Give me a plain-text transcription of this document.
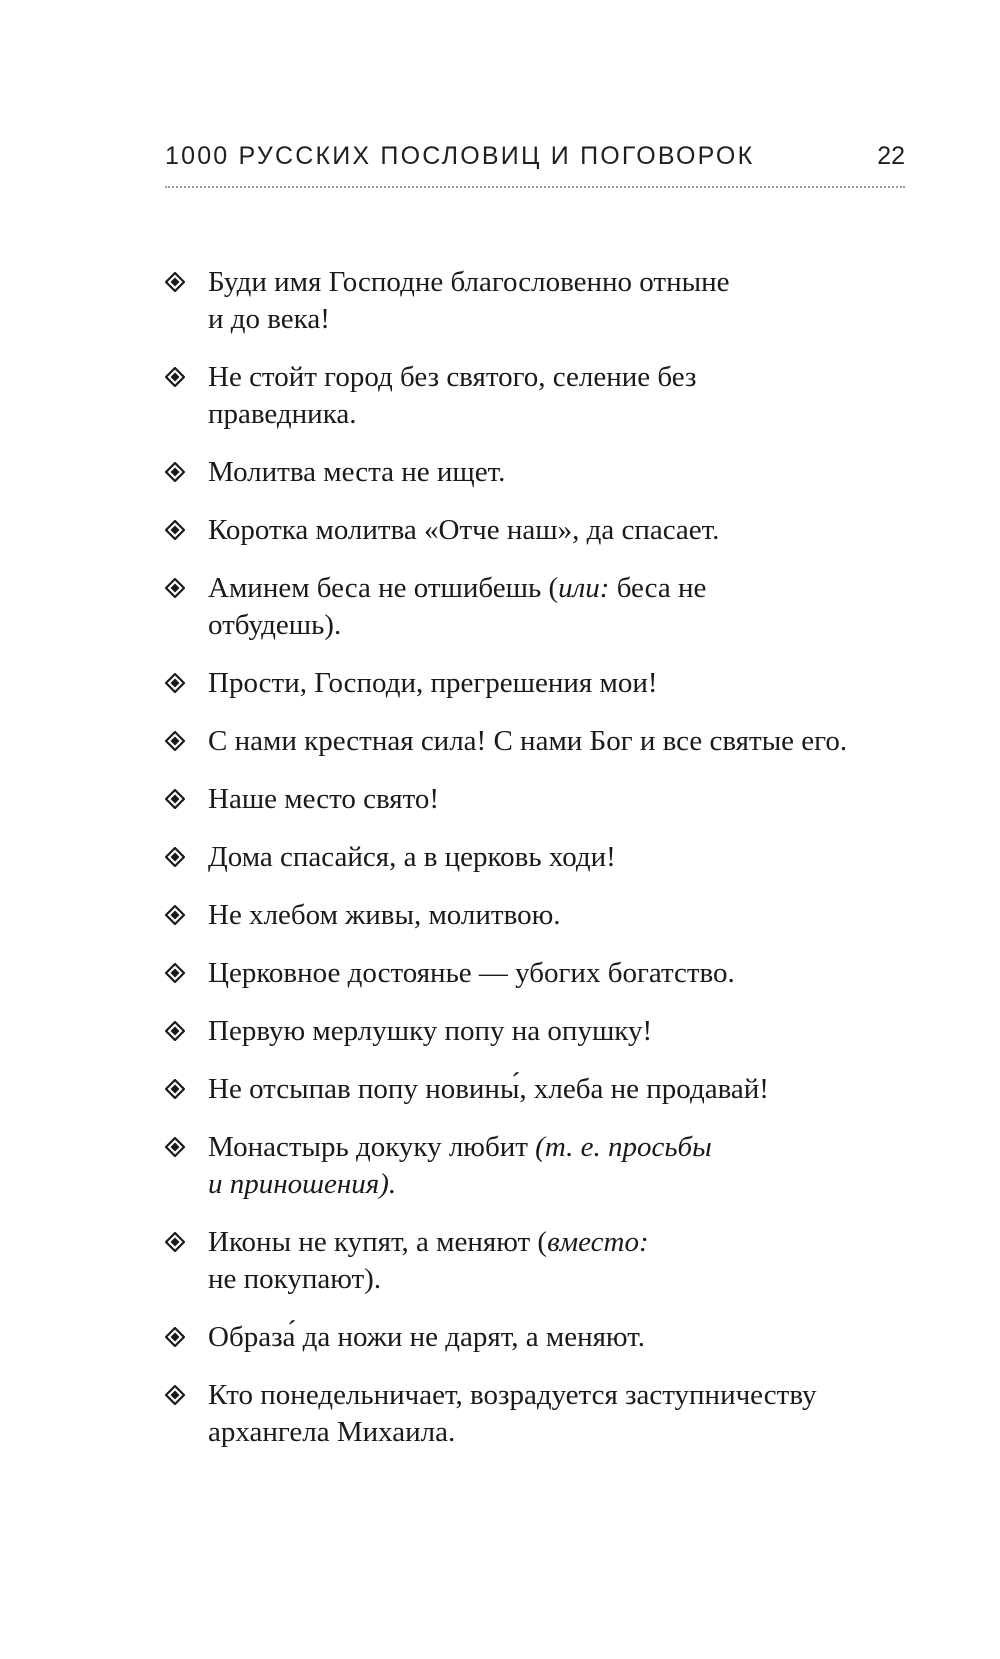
1000 РУССКИХ ПОСЛОВИЦ И ПОГОВОРОК	22
Буди имя Господне благословенно отныне
и до века!
Не стойт город без святого, селение без
праведника.
Молитва места не ищет.
Коротка молитва «Отче наш», да спасает.
Аминем беса не отшибешь (или: беса не
отбудешь).
Прости, Господи, прегрешения мои!
С нами крестная сила! С нами Бог и все святые его.
Наше место свято!
Дома спасайся, а в церковь ходи!
Не хлебом живы, молитвою.
Церковное достоянье — убогих богатство.
Первую мерлушку попу на опушку!
Не отсыпав попу новины́, хлеба не продавай!
Монастырь докуку любит (т. е. просьбы
и приношения).
Иконы не купят, а меняют (вместо:
не покупают).
Образа́ да ножи не дарят, а меняют.
Кто понедельничает, возрадуется заступничеству
архангела Михаила.
